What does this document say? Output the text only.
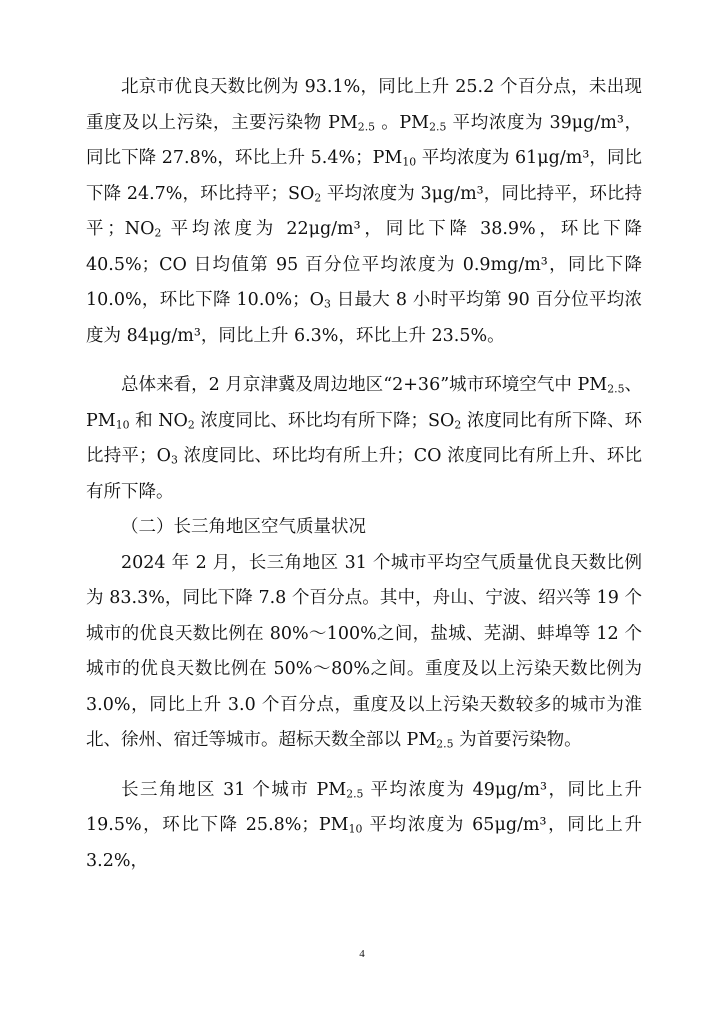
北京市优良天数比例为 93.1%，同比上升 25.2 个百分点，未出现重度及以上污染，主要污染物 $PM_{2.5}$ 。$PM_{2.5}$ 平均浓度为 39μg/m³，同比下降 27.8%，环比上升 5.4%；$PM_{10}$ 平均浓度为 61μg/m³，同比下降 24.7%，环比持平；$SO_2$ 平均浓度为 3μg/m³，同比持平，环比持平；$NO_2$ 平均浓度为 22μg/m³，同比下降 38.9%，环比下降 40.5%；CO 日均值第 95 百分位平均浓度为 0.9mg/m³，同比下降 10.0%，环比下降 10.0%；$O_3$ 日最大 8 小时平均第 90 百分位平均浓度为 84μg/m³，同比上升 6.3%，环比上升 23.5%。

总体来看，2 月京津冀及周边地区“2+36”城市环境空气中 $PM_{2.5}$、$PM_{10}$ 和 $NO_2$ 浓度同比、环比均有所下降；$SO_2$ 浓度同比有所下降、环比持平；$O_3$ 浓度同比、环比均有所上升；CO 浓度同比有所上升、环比有所下降。

（二）长三角地区空气质量状况

2024 年 2 月，长三角地区 31 个城市平均空气质量优良天数比例为 83.3%，同比下降 7.8 个百分点。其中，舟山、宁波、绍兴等 19 个城市的优良天数比例在 80%～100%之间，盐城、芜湖、蚌埠等 12 个城市的优良天数比例在 50%～80%之间。重度及以上污染天数比例为 3.0%，同比上升 3.0 个百分点，重度及以上污染天数较多的城市为淮北、徐州、宿迁等城市。超标天数全部以 $PM_{2.5}$ 为首要污染物。

长三角地区 31 个城市 $PM_{2.5}$ 平均浓度为 49μg/m³，同比上升 19.5%，环比下降 25.8%；$PM_{10}$ 平均浓度为 65μg/m³，同比上升 3.2%，

4
